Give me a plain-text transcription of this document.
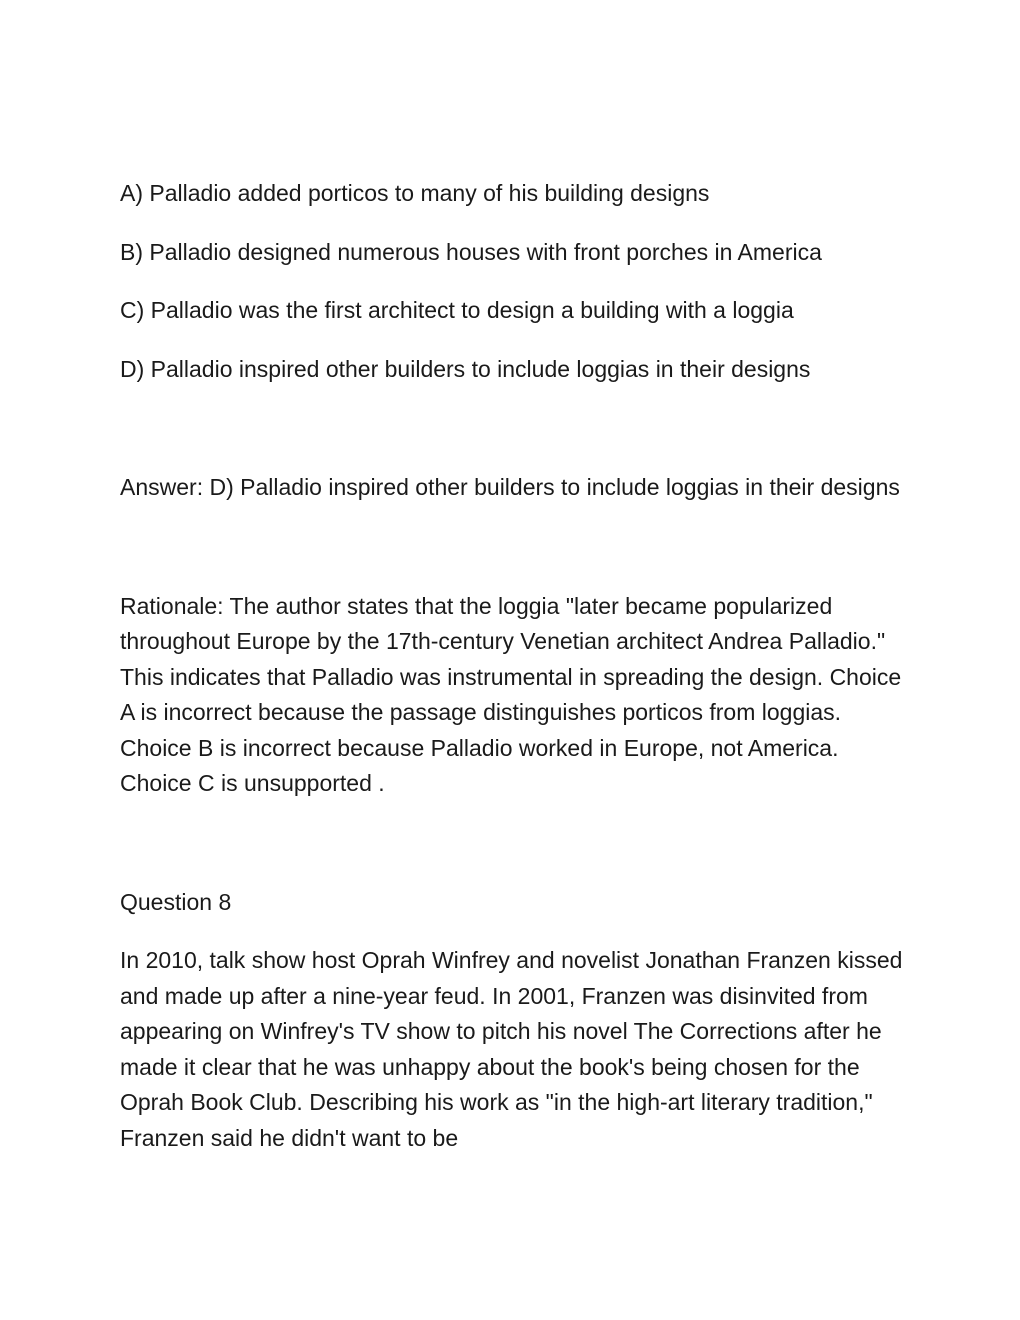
A) Palladio added porticos to many of his building designs

B) Palladio designed numerous houses with front porches in America

C) Palladio was the first architect to design a building with a loggia

D) Palladio inspired other builders to include loggias in their designs

Answer: D) Palladio inspired other builders to include loggias in their designs

Rationale: The author states that the loggia "later became popularized throughout Europe by the 17th-century Venetian architect Andrea Palladio." This indicates that Palladio was instrumental in spreading the design. Choice A is incorrect because the passage distinguishes porticos from loggias. Choice B is incorrect because Palladio worked in Europe, not America. Choice C is unsupported .

Question 8

In 2010, talk show host Oprah Winfrey and novelist Jonathan Franzen kissed and made up after a nine-year feud. In 2001, Franzen was disinvited from appearing on Winfrey's TV show to pitch his novel The Corrections after he made it clear that he was unhappy about the book's being chosen for the Oprah Book Club. Describing his work as "in the high-art literary tradition," Franzen said he didn't want to be
